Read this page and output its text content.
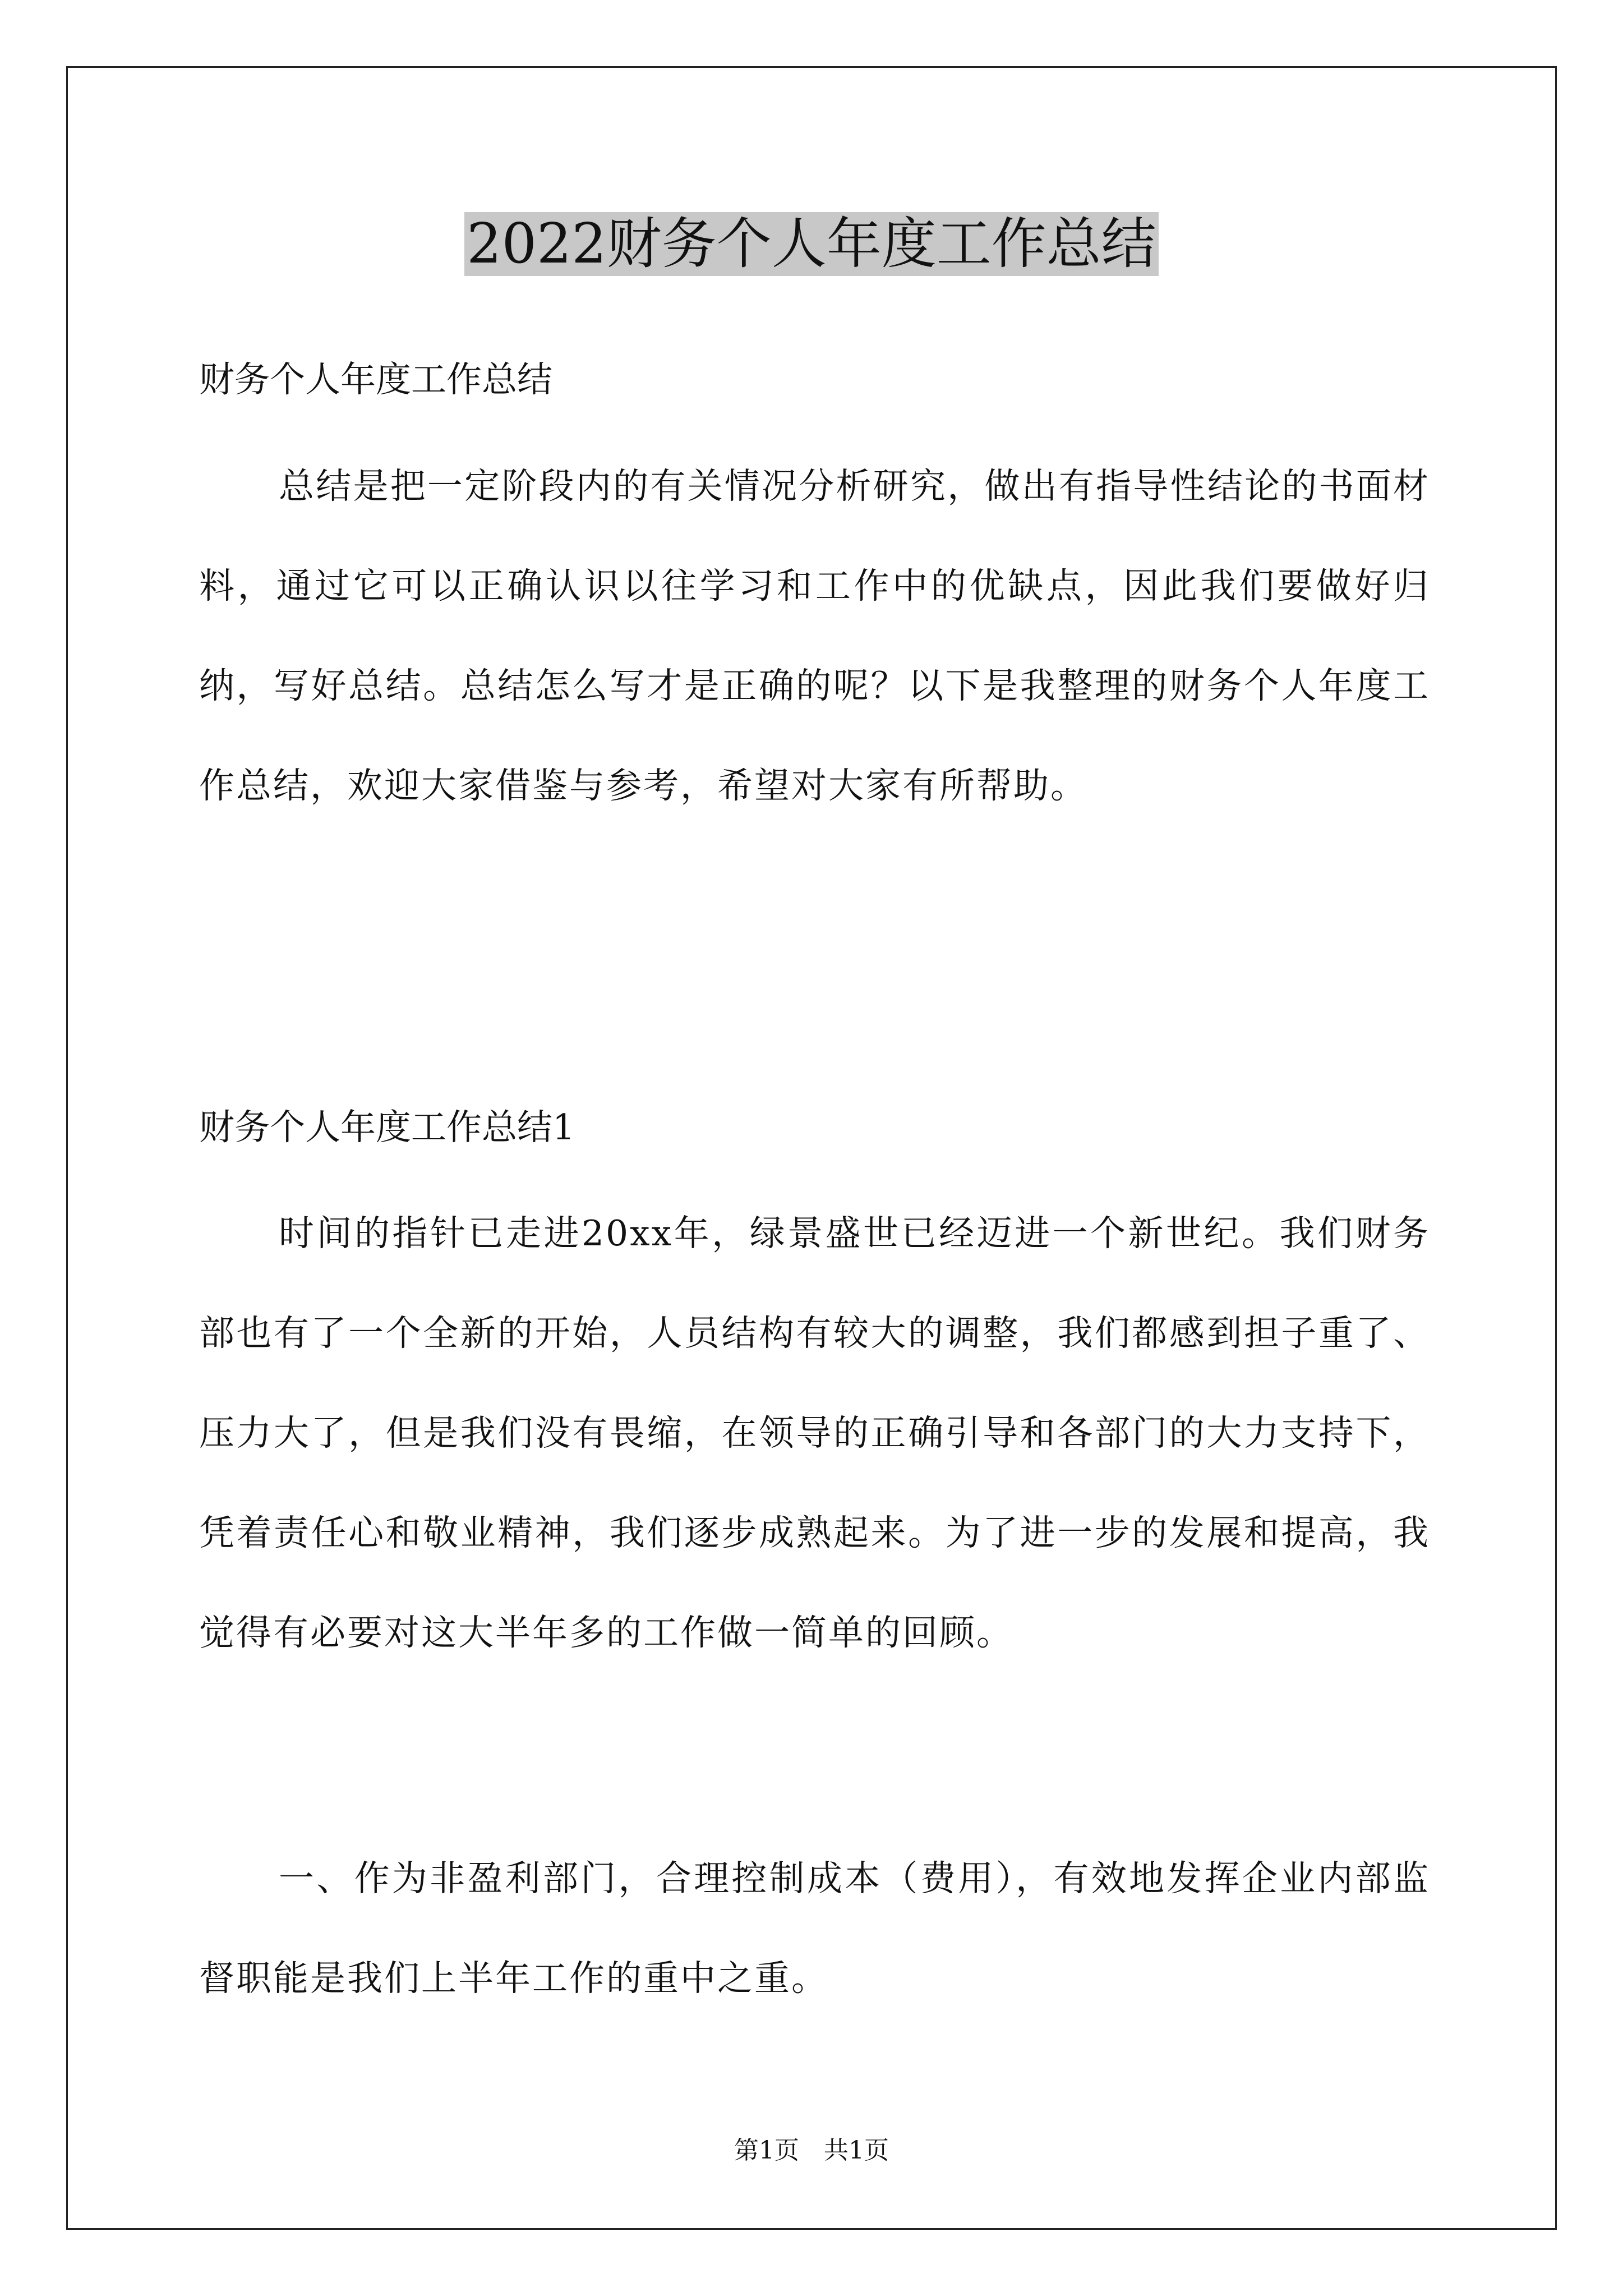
2022财务个人年度工作总结
财务个人年度工作总结
总结是把一定阶段内的有关情况分析研究，做出有指导性结论的书面材料，通过它可以正确认识以往学习和工作中的优缺点，因此我们要做好归纳，写好总结。总结怎么写才是正确的呢？以下是我整理的财务个人年度工作总结，欢迎大家借鉴与参考，希望对大家有所帮助。
财务个人年度工作总结1
时间的指针已走进20xx年，绿景盛世已经迈进一个新世纪。我们财务部也有了一个全新的开始，人员结构有较大的调整，我们都感到担子重了、压力大了，但是我们没有畏缩，在领导的正确引导和各部门的大力支持下，凭着责任心和敬业精神，我们逐步成熟起来。为了进一步的发展和提高，我觉得有必要对这大半年多的工作做一简单的回顾。
一、作为非盈利部门，合理控制成本（费用），有效地发挥企业内部监督职能是我们上半年工作的重中之重。
第1页　共1页
